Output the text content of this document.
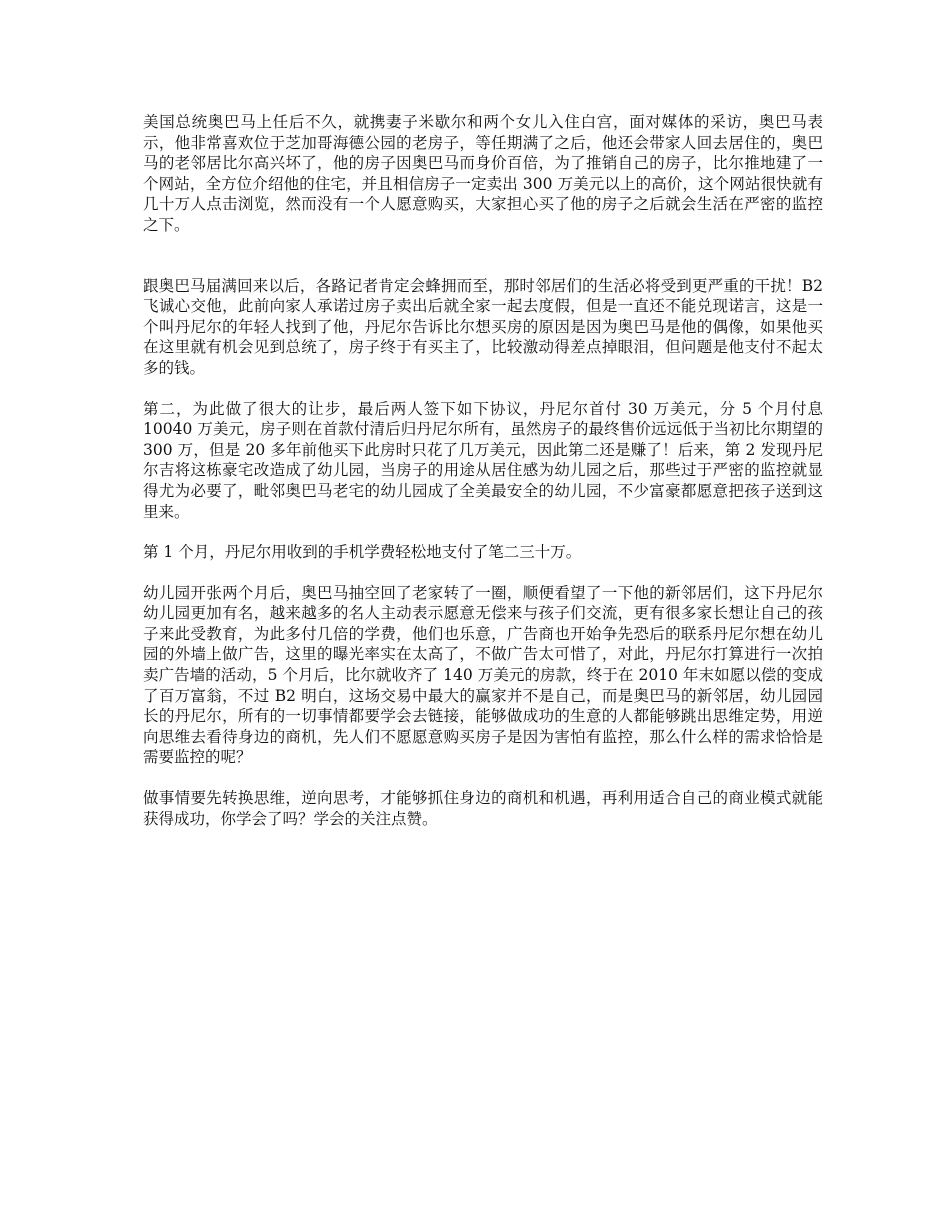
美国总统奥巴马上任后不久，就携妻子米歇尔和两个女儿入住白宫，面对媒体的采访，奥巴马表示，他非常喜欢位于芝加哥海德公园的老房子，等任期满了之后，他还会带家人回去居住的，奥巴马的老邻居比尔高兴坏了，他的房子因奥巴马而身价百倍，为了推销自己的房子，比尔推地建了一个网站，全方位介绍他的住宅，并且相信房子一定卖出 300 万美元以上的高价，这个网站很快就有几十万人点击浏览，然而没有一个人愿意购买，大家担心买了他的房子之后就会生活在严密的监控之下。

跟奥巴马届满回来以后，各路记者肯定会蜂拥而至，那时邻居们的生活必将受到更严重的干扰！B2 飞诚心交他，此前向家人承诺过房子卖出后就全家一起去度假，但是一直还不能兑现诺言，这是一个叫丹尼尔的年轻人找到了他，丹尼尔告诉比尔想买房的原因是因为奥巴马是他的偶像，如果他买在这里就有机会见到总统了，房子终于有买主了，比较激动得差点掉眼泪，但问题是他支付不起太多的钱。

第二，为此做了很大的让步，最后两人签下如下协议，丹尼尔首付 30 万美元，分 5 个月付息 10040 万美元，房子则在首款付清后归丹尼尔所有，虽然房子的最终售价远远低于当初比尔期望的 300 万，但是 20 多年前他买下此房时只花了几万美元，因此第二还是赚了！后来，第 2 发现丹尼尔吉将这栋豪宅改造成了幼儿园，当房子的用途从居住感为幼儿园之后，那些过于严密的监控就显得尤为必要了，毗邻奥巴马老宅的幼儿园成了全美最安全的幼儿园，不少富豪都愿意把孩子送到这里来。

第 1 个月，丹尼尔用收到的手机学费轻松地支付了笔二三十万。

幼儿园开张两个月后，奥巴马抽空回了老家转了一圈，顺便看望了一下他的新邻居们，这下丹尼尔幼儿园更加有名，越来越多的名人主动表示愿意无偿来与孩子们交流，更有很多家长想让自己的孩子来此受教育，为此多付几倍的学费，他们也乐意，广告商也开始争先恐后的联系丹尼尔想在幼儿园的外墙上做广告，这里的曝光率实在太高了，不做广告太可惜了，对此，丹尼尔打算进行一次拍卖广告墙的活动，5 个月后，比尔就收齐了 140 万美元的房款，终于在 2010 年末如愿以偿的变成了百万富翁，不过 B2 明白，这场交易中最大的赢家并不是自己，而是奥巴马的新邻居，幼儿园园长的丹尼尔，所有的一切事情都要学会去链接，能够做成功的生意的人都能够跳出思维定势，用逆向思维去看待身边的商机，先人们不愿愿意购买房子是因为害怕有监控，那么什么样的需求恰恰是需要监控的呢？

做事情要先转换思维，逆向思考，才能够抓住身边的商机和机遇，再利用适合自己的商业模式就能获得成功，你学会了吗？学会的关注点赞。
